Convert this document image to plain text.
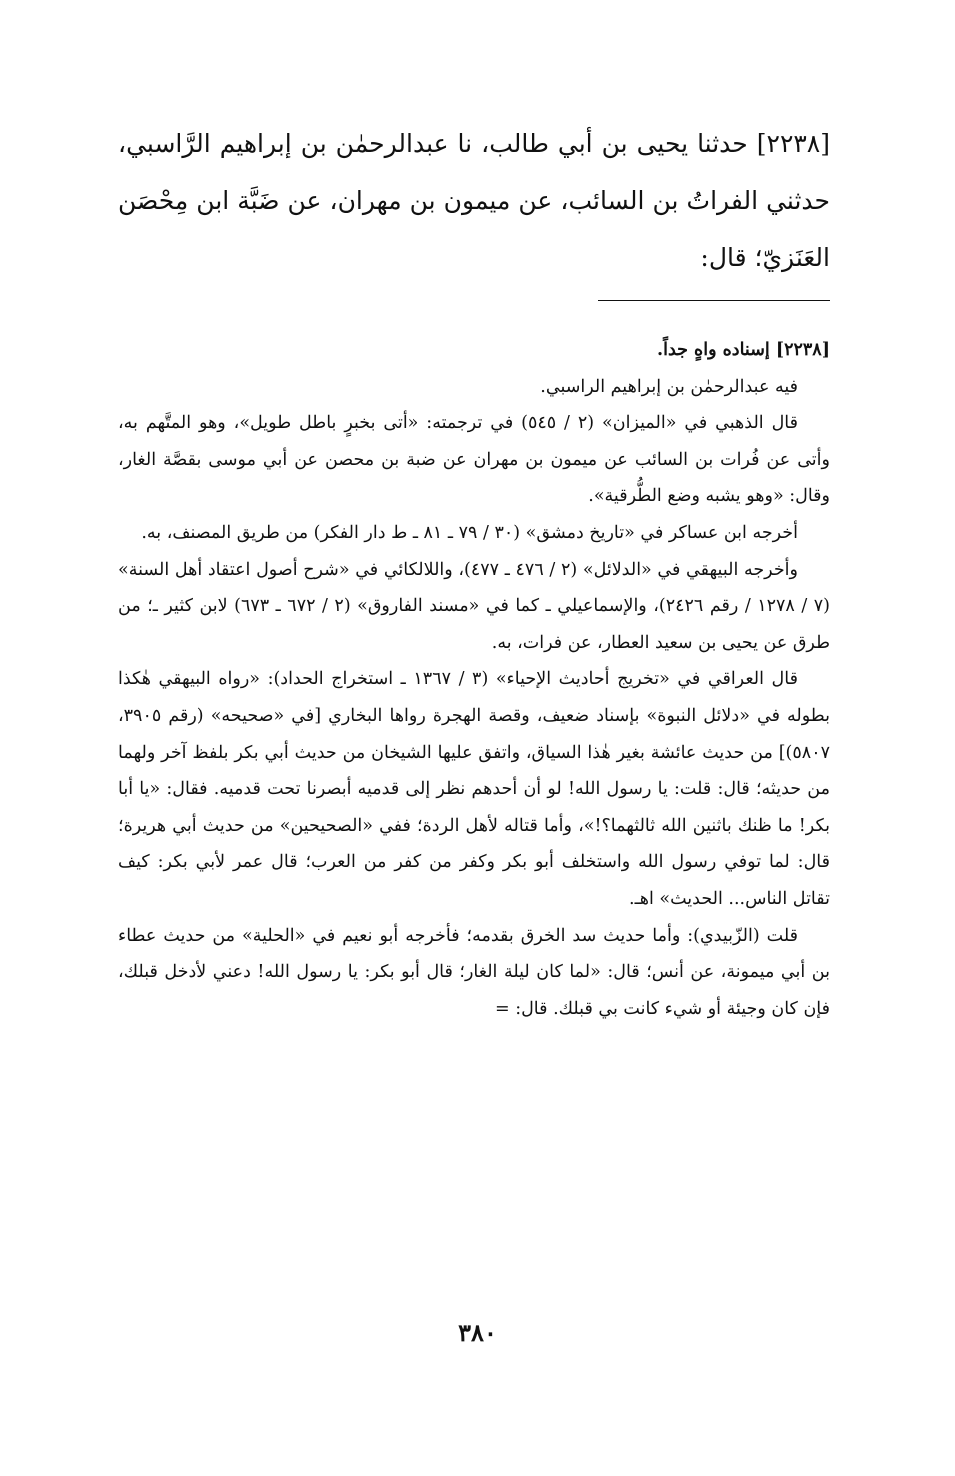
[٢٢٣٨] حدثنا يحيى بن أبي طالب، نا عبدالرحمٰن بن إبراهيم الرَّاسبي، حدثني الفراتُ بن السائب، عن ميمون بن مهران، عن ضَبَّة ابن مِحْصَن العَنَزيّ؛ قال:

[٢٢٣٨] إسناده واهٍ جداً.

فيه عبدالرحمٰن بن إبراهيم الراسبي.

قال الذهبي في «الميزان» (٢ / ٥٤٥) في ترجمته: «أتى بخبرٍ باطل طويل»، وهو المتَّهم به، وأتى عن فُرات بن السائب عن ميمون بن مهران عن ضبة بن محصن عن أبي موسى بقصَّة الغار، وقال: «وهو يشبه وضع الطُّرقية».

أخرجه ابن عساكر في «تاريخ دمشق» (٣٠ / ٧٩ ـ ٨١ ـ ط دار الفكر) من طريق المصنف، به.

وأخرجه البيهقي في «الدلائل» (٢ / ٤٧٦ ـ ٤٧٧)، واللالكائي في «شرح أصول اعتقاد أهل السنة» (٧ / ١٢٧٨ / رقم ٢٤٢٦)، والإسماعيلي ـ كما في «مسند الفاروق» (٢ / ٦٧٢ ـ ٦٧٣) لابن كثير ـ؛ من طرق عن يحيى بن سعيد العطار، عن فرات، به.

قال العراقي في «تخريج أحاديث الإحياء» (٣ / ١٣٦٧ ـ استخراج الحداد): «رواه البيهقي هٰكذا بطوله في «دلائل النبوة» بإسناد ضعيف، وقصة الهجرة رواها البخاري [في «صحيحه» (رقم ٣٩٠٥، ٥٨٠٧)] من حديث عائشة بغير هٰذا السياق، واتفق عليها الشيخان من حديث أبي بكر بلفظ آخر ولهما من حديثه؛ قال: قلت: يا رسول الله! لو أن أحدهم نظر إلى قدميه أبصرنا تحت قدميه. فقال: «يا أبا بكر! ما ظنك باثنين الله ثالثهما؟!»، وأما قتاله لأهل الردة؛ ففي «الصحيحين» من حديث أبي هريرة؛ قال: لما توفي رسول الله واستخلف أبو بكر وكفر من كفر من العرب؛ قال عمر لأبي بكر: كيف تقاتل الناس... الحديث» اهـ.

قلت (الزّبيدي): وأما حديث سد الخرق بقدمه؛ فأخرجه أبو نعيم في «الحلية» من حديث عطاء بن أبي ميمونة، عن أنس؛ قال: «لما كان ليلة الغار؛ قال أبو بكر: يا رسول الله! دعني لأدخل قبلك، فإن كان وجيئة أو شيء كانت بي قبلك. قال: =

٣٨٠
